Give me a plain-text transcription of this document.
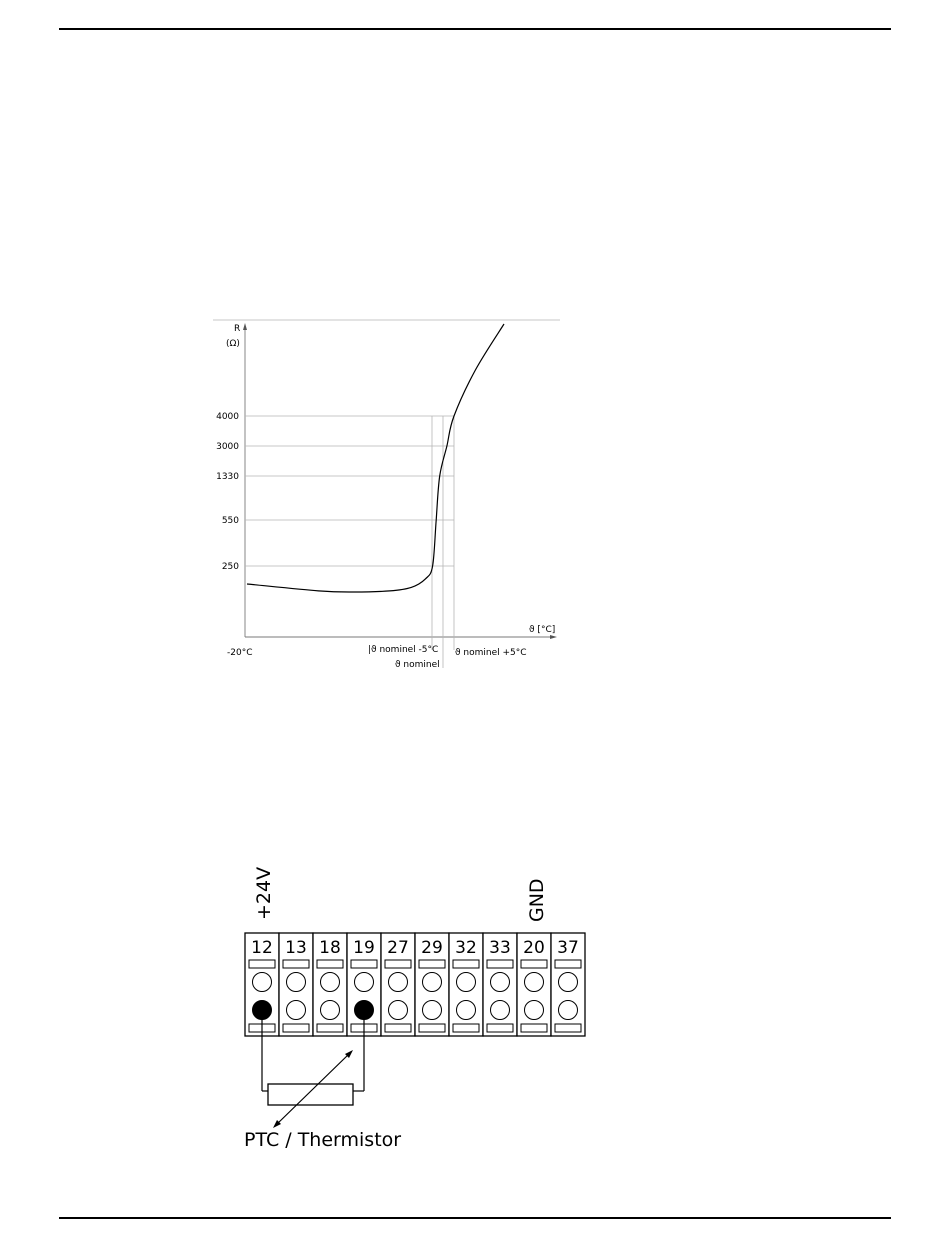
4000
3000
1330
550
250
R
(Ω)
ϑ [°C]
-20°C	|ϑ nominel -5°C
ϑ nominel
ϑ nominel +5°C
+24V	GND
12 13 18 19 27 29 32 33 20 37
PTC / Thermistor
